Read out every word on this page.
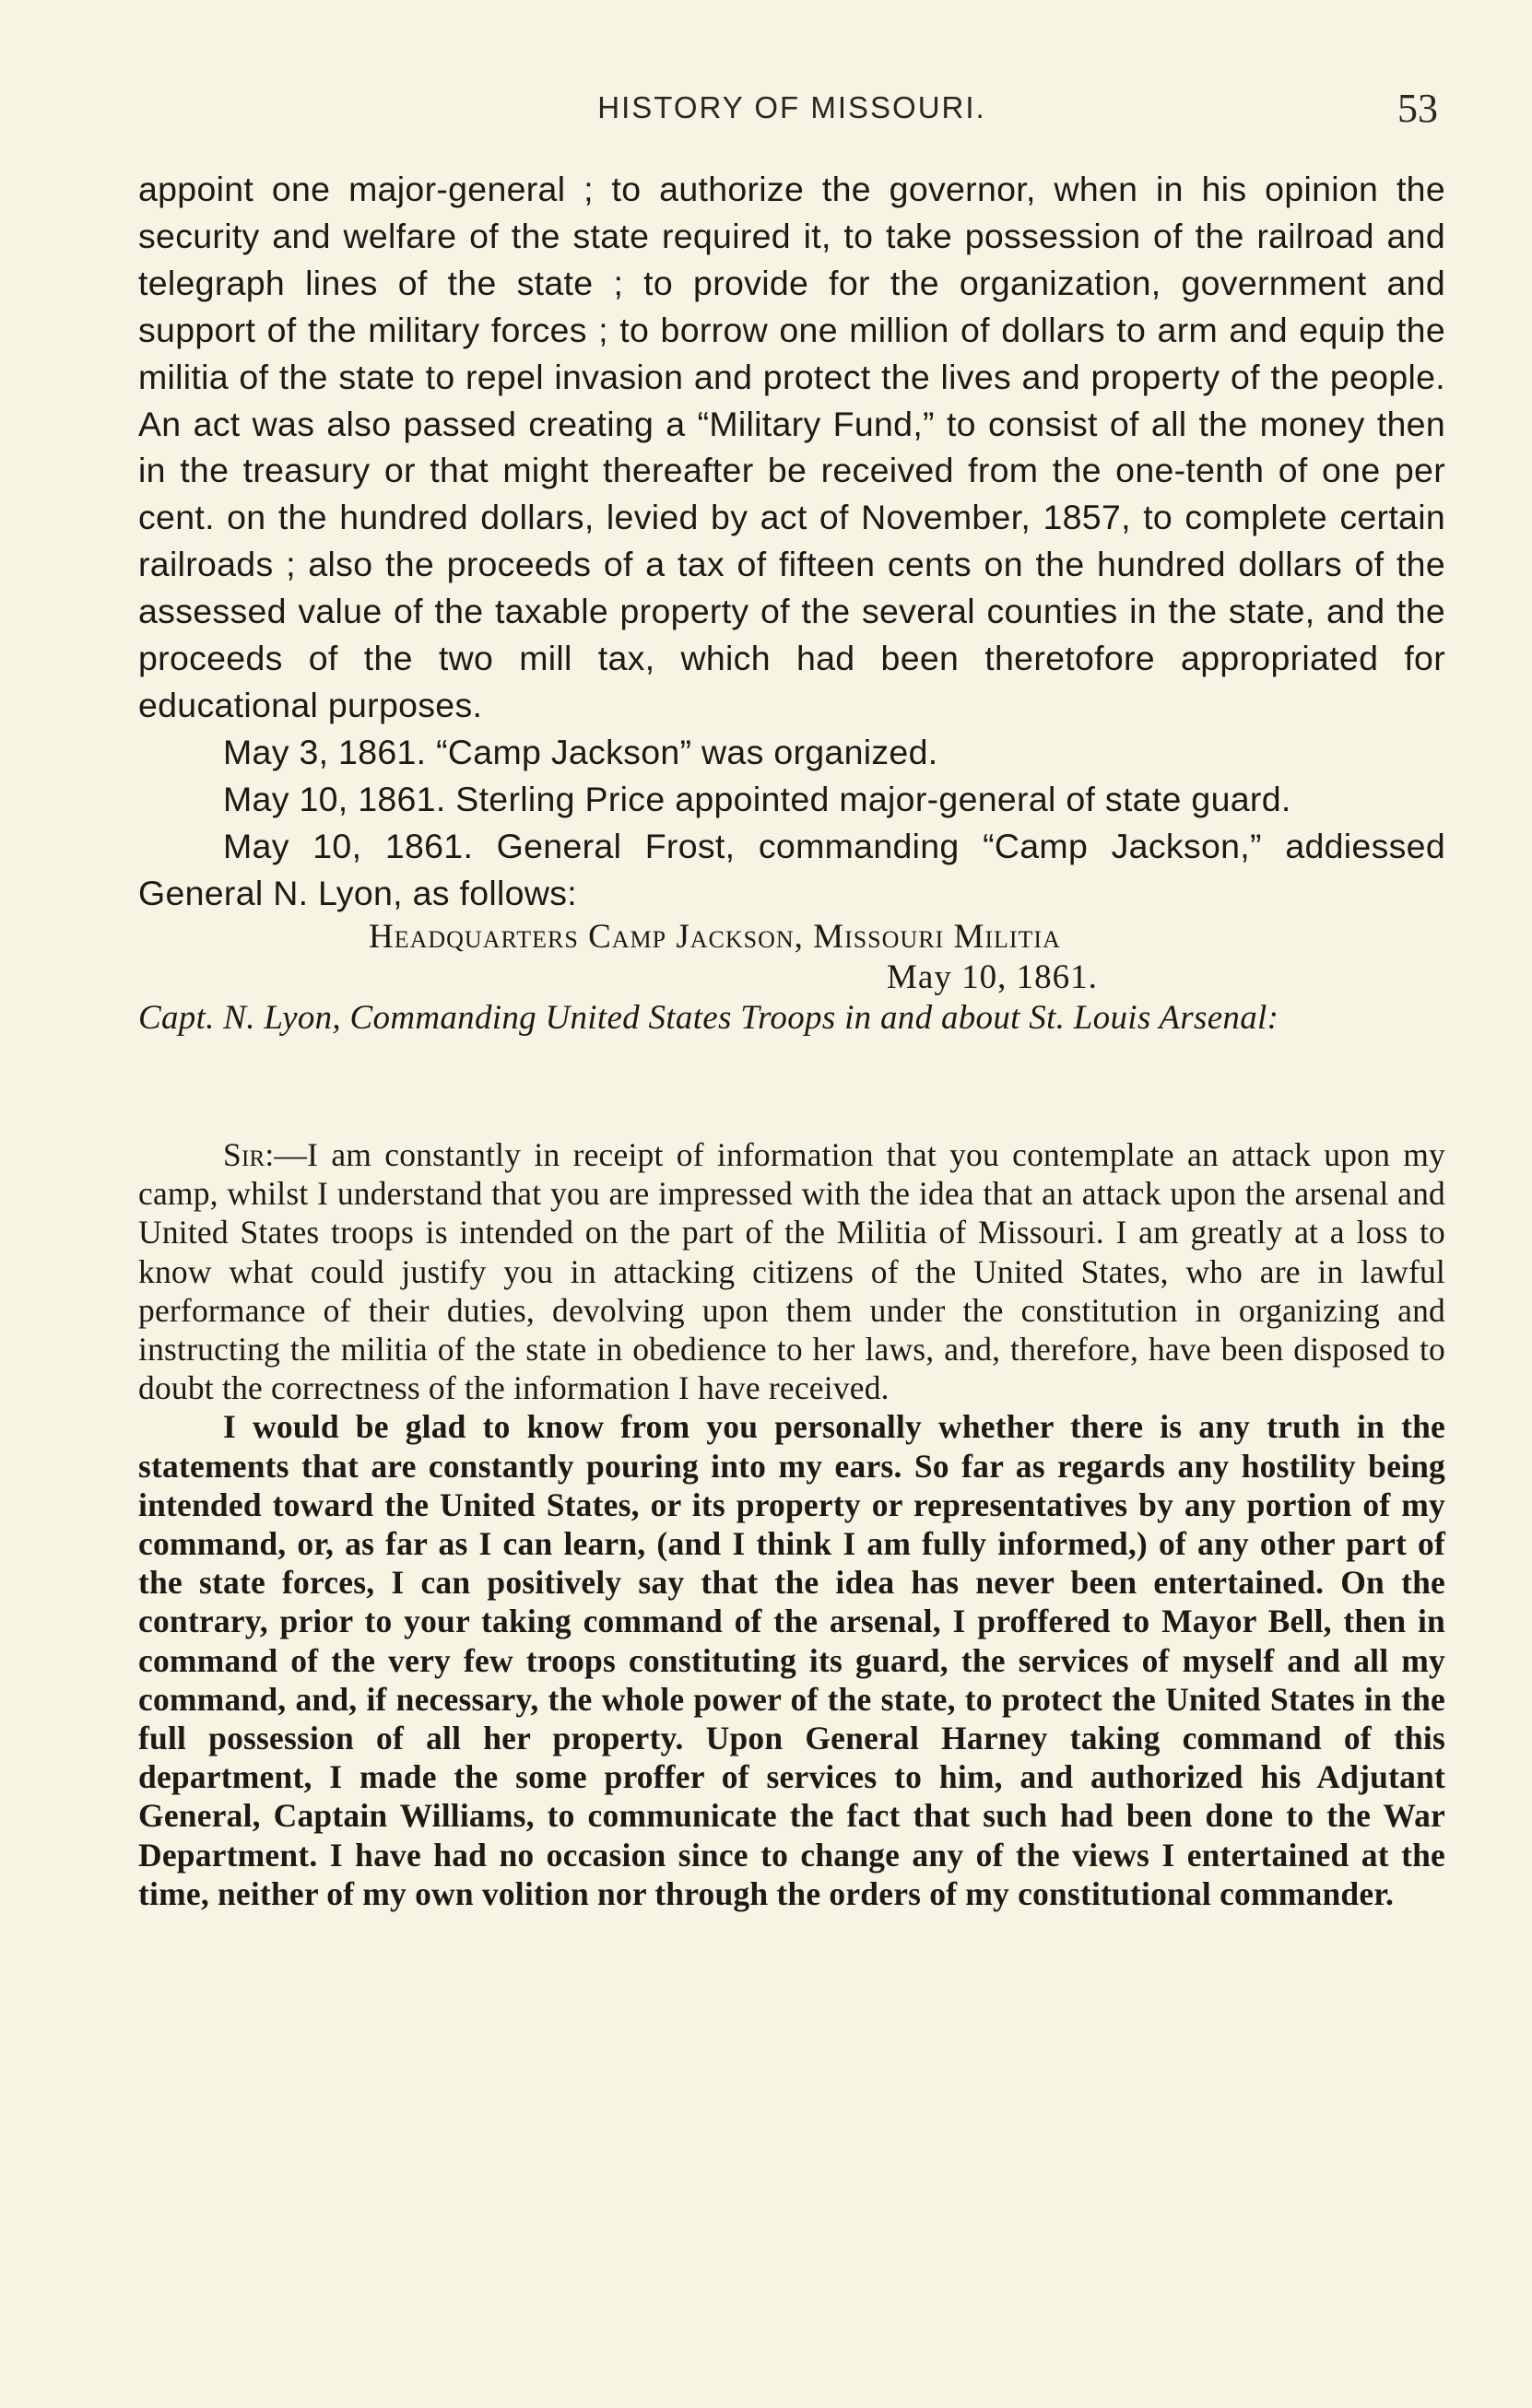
HISTORY OF MISSOURI.	53

appoint one major-general ; to authorize the governor, when in his opinion the security and welfare of the state required it, to take possession of the railroad and telegraph lines of the state ; to provide for the organization, government and support of the military forces ; to borrow one million of dollars to arm and equip the militia of the state to repel invasion and protect the lives and property of the people. An act was also passed creating a “Military Fund,” to consist of all the money then in the treasury or that might thereafter be received from the one-tenth of one per cent. on the hundred dollars, levied by act of November, 1857, to complete certain railroads ; also the proceeds of a tax of fifteen cents on the hundred dollars of the assessed value of the taxable property of the several counties in the state, and the proceeds of the two mill tax, which had been theretofore appropriated for educational purposes.

May 3, 1861. “Camp Jackson” was organized.

May 10, 1861. Sterling Price appointed major-general of state guard.

May 10, 1861. General Frost, commanding “Camp Jackson,” addiessed General N. Lyon, as follows:

Headquarters Camp Jackson, Missouri Militia

May 10, 1861.

Capt. N. Lyon, Commanding United States Troops in and about St. Louis Arsenal:

Sir:—I am constantly in receipt of information that you contemplate an attack upon my camp, whilst I understand that you are impressed with the idea that an attack upon the arsenal and United States troops is intended on the part of the Militia of Missouri. I am greatly at a loss to know what could justify you in attacking citizens of the United States, who are in lawful performance of their duties, devolving upon them under the constitution in organizing and instructing the militia of the state in obedience to her laws, and, therefore, have been disposed to doubt the correctness of the information I have received.

I would be glad to know from you personally whether there is any truth in the statements that are constantly pouring into my ears. So far as regards any hostility being intended toward the United States, or its property or representatives by any portion of my command, or, as far as I can learn, (and I think I am fully informed,) of any other part of the state forces, I can positively say that the idea has never been entertained. On the contrary, prior to your taking command of the arsenal, I proffered to Mayor Bell, then in command of the very few troops constituting its guard, the services of myself and all my command, and, if necessary, the whole power of the state, to protect the United States in the full possession of all her property. Upon General Harney taking command of this department, I made the some proffer of services to him, and authorized his Adjutant General, Captain Williams, to communicate the fact that such had been done to the War Department. I have had no occasion since to change any of the views I entertained at the time, neither of my own volition nor through the orders of my constitutional commander.
